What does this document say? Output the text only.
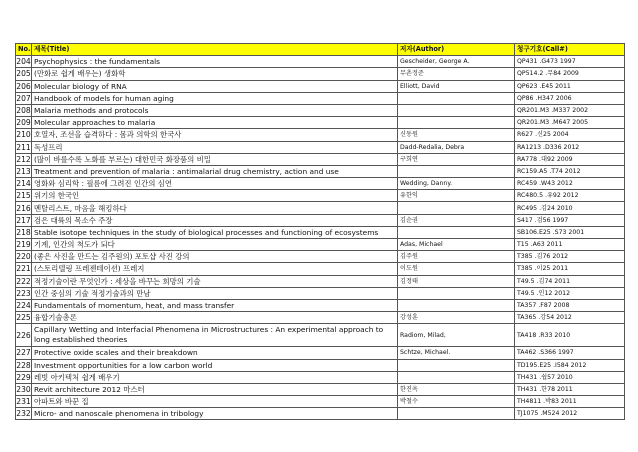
No.	제목(Title)	저자(Author)	청구기호(Call#)
204	Psychophysics : the fundamentals	Gescheider, George A.	QP431 .G473 1997
205	(만화로 쉽게 배우는) 생화학	무촌정준	QP514.2 .무84 2009
206	Molecular biology of RNA	Elliott, David	QP623 .E45 2011
207	Handbook of models for human aging		QP86 .H347 2006
208	Malaria methods and protocols		QR201.M3 .M337 2002
209	Molecular approaches to malaria		QR201.M3 .M647 2005
210	호열자, 조선을 습격하다 : 몸과 의학의 한국사	신동원	R627 .신25 2004
211	독성프리	Dadd-Redalia, Debra	RA1213 .D336 2012
212	(많이 바를수록 노화를 부르는) 대한민국 화장품의 비밀	구희연	RA778 .대92 2009
213	Treatment and prevention of malaria : antimalarial drug chemistry, action and use		RC159.A5 .T74 2012
214	영화와 심리학 : 필름에 그려진 인간의 심연	Wedding, Danny.	RC459 .W43 2012
215	위기의 한국인	유한익	RC480.5 .유92 2012
216	멘탈리스트, 마음을 해킹하다		RC495 .김24 2010
217	검은 대륙의 목소수 주장	김순권	S417 .검56 1997
218	Stable isotope techniques in the study of biological processes and functioning of ecosystems		SB106.E25 .S73 2001
219	기계, 인간의 척도가 되다	Adas, Michael	T15 .A63 2011
220	(좋은 사진을 만드는 김주원의) 포토샵 사진 강의	김주원	T385 .김76 2012
221	(스토리텔링 프레젠테이션) 프레지	이도원	T385 .이25 2011
222	적정기술이란 무엇인가 : 세상을 바꾸는 희망의 기술	김정태	T49.5 .김74 2011
223	인간 중심의 기술 적정기술과의 만남		T49.5 .인12 2012
224	Fundamentals of momentum, heat, and mass transfer		TA357 .F87 2008
225	융합기술총론	강성훈	TA365 .강54 2012
226	Capillary Wetting and Interfacial Phenomena in Microstructures : An experimental approach to long established theories	Radiom, Milad,	TA418 .R33 2010
227	Protective oxide scales and their breakdown	Schtze, Michael.	TA462 .S366 1997
228	Investment opportunities for a low carbon world		TD195.E25 .I584 2012
229	레빗 아키텍처 쉽게 배우기		TH431 .쉽57 2010
230	Revit architecture 2012 마스터	한진옥	TH431 .한78 2011
231	아파트와 바꾼 집	박철수	TH4811 .박83 2011
232	Micro- and nanoscale phenomena in tribology		TJ1075 .M524 2012
